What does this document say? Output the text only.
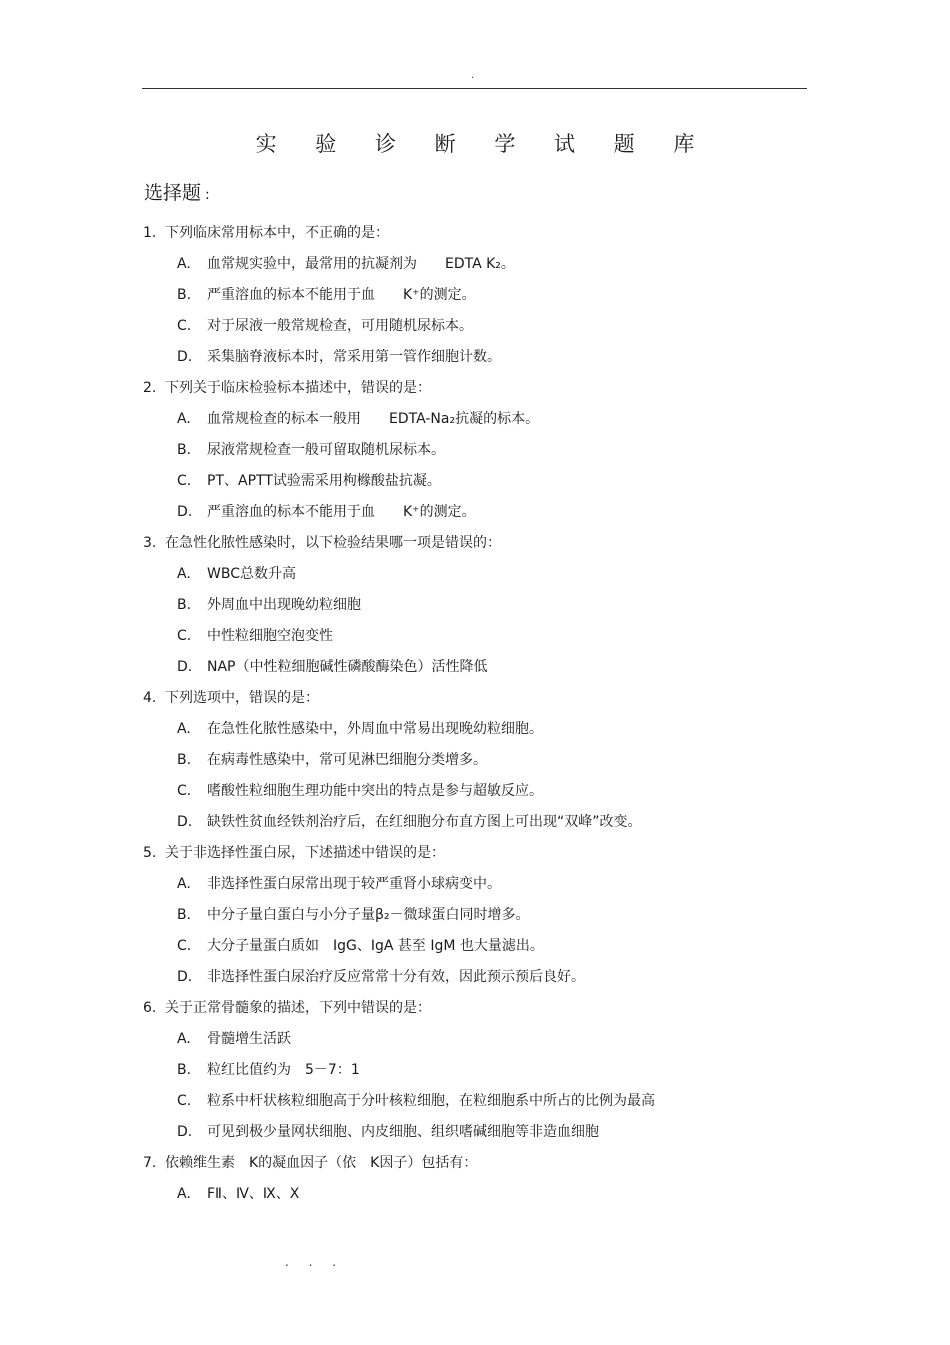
.
实 验 诊 断 学 试 题 库
选择题 :
1. 下列临床常用标本中，不正确的是：
A. 血常规实验中，最常用的抗凝剂为　　EDTA K₂。
B. 严重溶血的标本不能用于血　　K⁺的测定。
C. 对于尿液一般常规检查，可用随机尿标本。
D. 采集脑脊液标本时，常采用第一管作细胞计数。
2. 下列关于临床检验标本描述中，错误的是：
A. 血常规检查的标本一般用　　EDTA-Na₂抗凝的标本。
B. 尿液常规检查一般可留取随机尿标本。
C. PT、APTT试验需采用枸橼酸盐抗凝。
D. 严重溶血的标本不能用于血　　K⁺的测定。
3. 在急性化脓性感染时，以下检验结果哪一项是错误的：
A. WBC总数升高
B. 外周血中出现晚幼粒细胞
C. 中性粒细胞空泡变性
D. NAP（中性粒细胞碱性磷酸酶染色）活性降低
4. 下列选项中，错误的是：
A. 在急性化脓性感染中，外周血中常易出现晚幼粒细胞。
B. 在病毒性感染中，常可见淋巴细胞分类增多。
C. 嗜酸性粒细胞生理功能中突出的特点是参与超敏反应。
D. 缺铁性贫血经铁剂治疗后，在红细胞分布直方图上可出现“双峰”改变。
5. 关于非选择性蛋白尿，下述描述中错误的是：
A. 非选择性蛋白尿常出现于较严重肾小球病变中。
B. 中分子量白蛋白与小分子量β₂－微球蛋白同时增多。
C. 大分子量蛋白质如　IgG、IgA 甚至 IgM 也大量滤出。
D. 非选择性蛋白尿治疗反应常常十分有效，因此预示预后良好。
6. 关于正常骨髓象的描述，下列中错误的是：
A. 骨髓增生活跃
B. 粒红比值约为　5－7：1
C. 粒系中杆状核粒细胞高于分叶核粒细胞，在粒细胞系中所占的比例为最高
D. 可见到极少量网状细胞、内皮细胞、组织嗜碱细胞等非造血细胞
7. 依赖维生素　K的凝血因子（依　K因子）包括有：
A. FⅡ、Ⅳ、Ⅸ、Ⅹ
. . .
